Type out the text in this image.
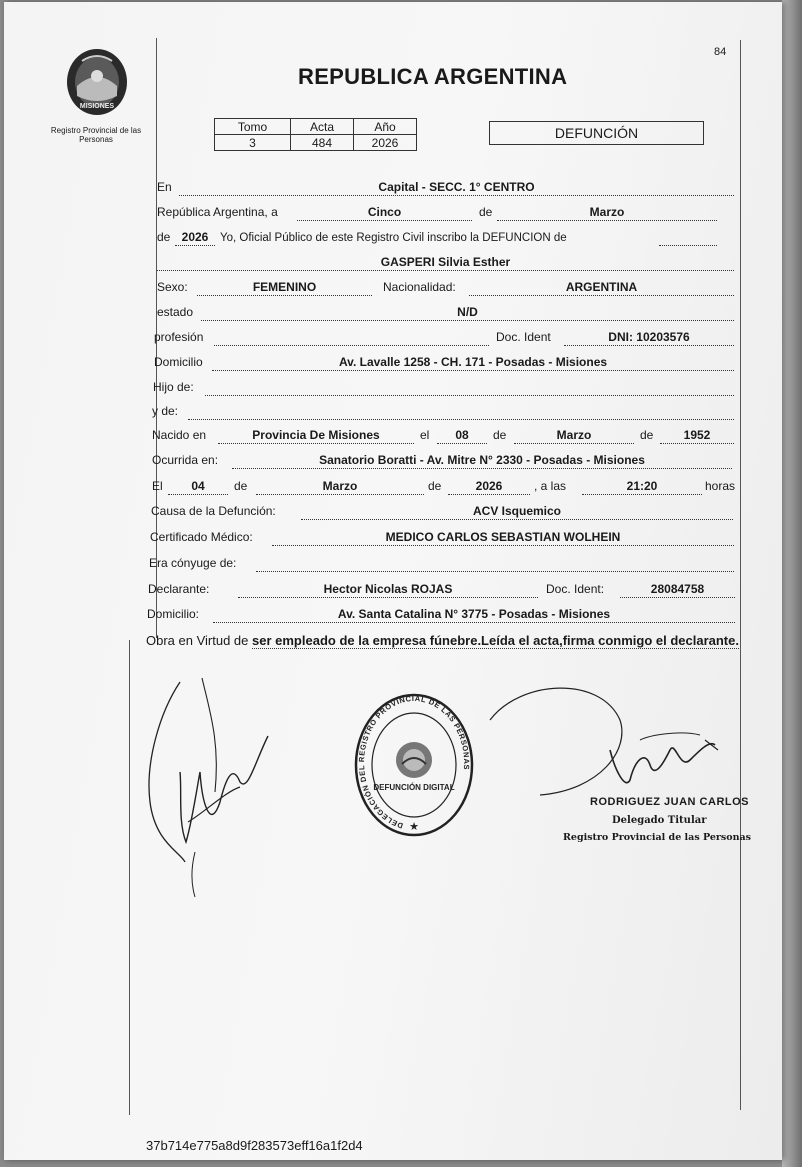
84
MISIONES
Registro Provincial de las Personas
REPUBLICA ARGENTINA
Tomo	Acta	Año
3	484	2026
DEFUNCIÓN
En	Capital - SECC. 1° CENTRO
República Argentina, a	Cinco	de	Marzo
de 2026	Yo, Oficial Público de este Registro Civil inscribo la DEFUNCION de
GASPERI Silvia Esther
Sexo:	FEMENINO	Nacionalidad:	ARGENTINA
estado	N/D
profesión	Doc. Ident	DNI: 10203576
Domicilio	Av. Lavalle 1258 - CH. 171 - Posadas - Misiones
Hijo de:
y de:
Nacido en	Provincia De Misiones	el	08	de	Marzo	de	1952
Ocurrida en:	Sanatorio Boratti - Av. Mitre N° 2330 - Posadas - Misiones
El	04	de	Marzo	de	2026	, a las	21:20	horas
Causa de la Defunción:	ACV Isquemico
Certificado Médico:	MEDICO CARLOS SEBASTIAN WOLHEIN
Era cónyuge de:
Declarante:	Hector Nicolas ROJAS	Doc. Ident:	28084758
Domicilio:	Av. Santa Catalina N° 3775 - Posadas - Misiones
Obra en Virtud de ser empleado de la empresa fúnebre.Leída el acta,firma conmigo el declarante.
DELEGACIÓN DEL REGISTRO PROVINCIAL DE LAS PERSONAS
DEFUNCIÓN DIGITAL
★
RODRIGUEZ JUAN CARLOS
Delegado Titular
Registro Provincial de las Personas
37b714e775a8d9f283573eff16a1f2d4
